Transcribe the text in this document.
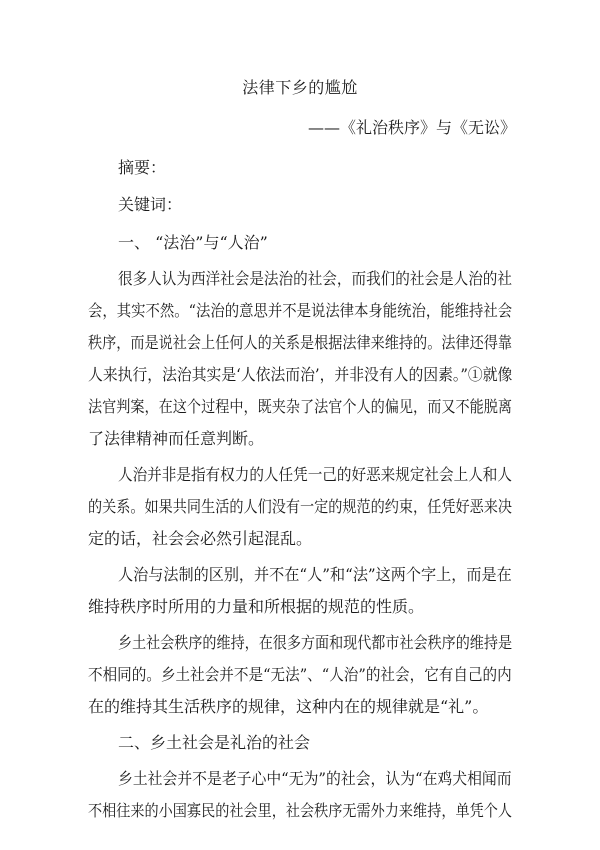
法律下乡的尴尬
——《礼治秩序》与《无讼》
摘要：
关键词：
一、 “法治”与“人治”
很多人认为西洋社会是法治的社会，而我们的社会是人治的社
会，其实不然。“法治的意思并不是说法律本身能统治，能维持社会
秩序，而是说社会上任何人的关系是根据法律来维持的。法律还得靠
人来执行，法治其实是‘人依法而治’，并非没有人的因素。”①就像
法官判案，在这个过程中，既夹杂了法官个人的偏见，而又不能脱离
了法律精神而任意判断。
人治并非是指有权力的人任凭一己的好恶来规定社会上人和人
的关系。如果共同生活的人们没有一定的规范的约束，任凭好恶来决
定的话，社会会必然引起混乱。
人治与法制的区别，并不在“人”和“法”这两个字上，而是在
维持秩序时所用的力量和所根据的规范的性质。
乡土社会秩序的维持，在很多方面和现代都市社会秩序的维持是
不相同的。乡土社会并不是“无法”、“人治”的社会，它有自己的内
在的维持其生活秩序的规律，这种内在的规律就是“礼”。
二、乡土社会是礼治的社会
乡土社会并不是老子心中“无为”的社会，认为“在鸡犬相闻而
不相往来的小国寡民的社会里，社会秩序无需外力来维持，单凭个人
